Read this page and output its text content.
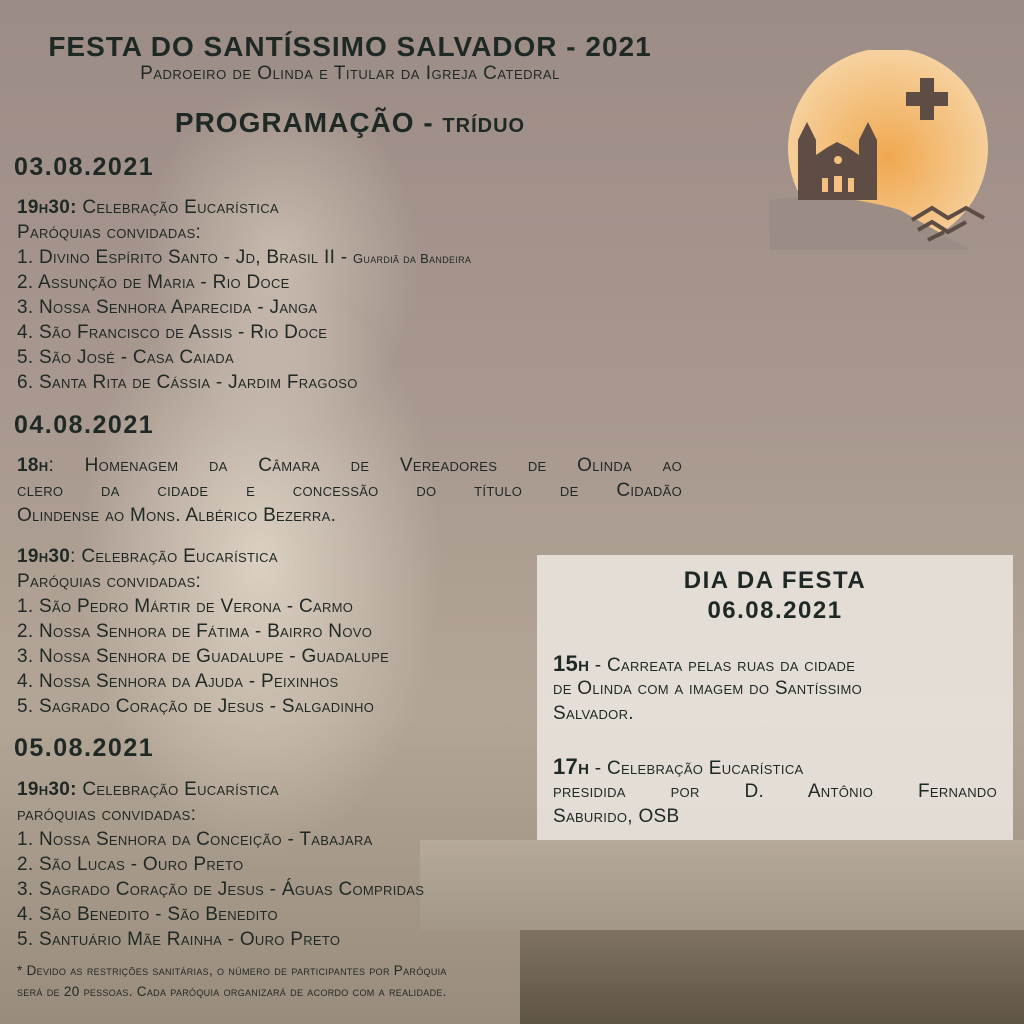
FESTA DO SANTÍSSIMO SALVADOR - 2021
Padroeiro de Olinda e Titular da Igreja Catedral
PROGRAMAÇÃO - tríduo
03.08.2021
19h30: Celebração Eucarística
Paróquias convidadas:
1. Divino Espírito Santo - Jd, Brasil II - Guardiã da Bandeira
2. Assunção de Maria - Rio Doce
3. Nossa Senhora Aparecida - Janga
4. São Francisco de Assis - Rio Doce
5. São José - Casa Caiada
6. Santa Rita de Cássia - Jardim Fragoso
04.08.2021
18h: Homenagem da Câmara de Vereadores de Olinda ao
clero da cidade e concessão do título de Cidadão
Olindense ao Mons. Albérico Bezerra.
19h30: Celebração Eucarística
Paróquias convidadas:
1. São Pedro Mártir de Verona - Carmo
2. Nossa Senhora de Fátima - Bairro Novo
3. Nossa Senhora de Guadalupe - Guadalupe
4. Nossa Senhora da Ajuda - Peixinhos
5. Sagrado Coração de Jesus - Salgadinho
05.08.2021
19h30: Celebração Eucarística
paróquias convidadas:
1. Nossa Senhora da Conceição - Tabajara
2. São Lucas - Ouro Preto
3. Sagrado Coração de Jesus - Águas Compridas
4. São Benedito - São Benedito
5. Santuário Mãe Rainha - Ouro Preto
* Devido as restrições sanitárias, o número de participantes por Paróquia
será de 20 pessoas. Cada paróquia organizará de acordo com a realidade.
DIA DA FESTA
06.08.2021
15h - Carreata pelas ruas da cidade
de Olinda com a imagem do Santíssimo
Salvador.
17h - Celebração Eucarística
presidida por D. Antônio Fernando
Saburido, OSB
